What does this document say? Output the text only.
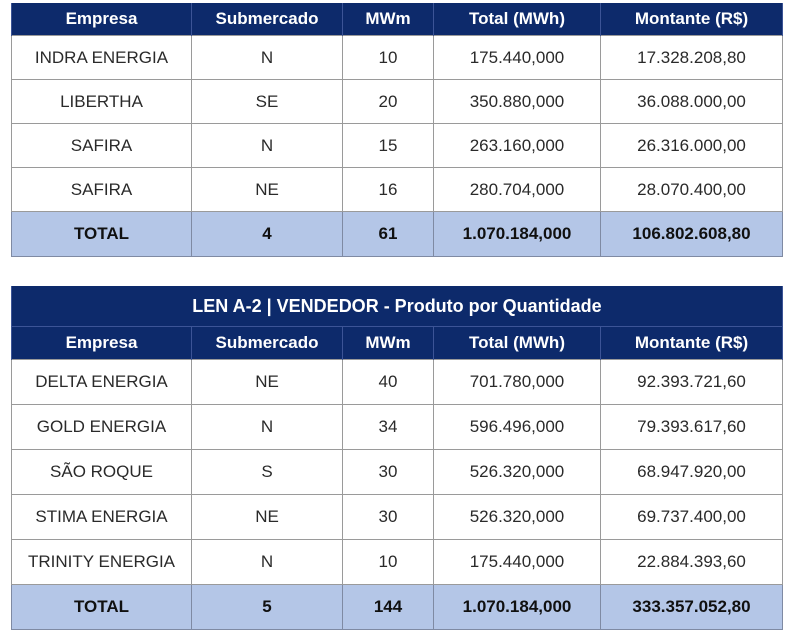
Empresa	Submercado	MWm	Total (MWh)	Montante (R$)
INDRA ENERGIA	N	10	175.440,000	17.328.208,80
LIBERTHA	SE	20	350.880,000	36.088.000,00
SAFIRA	N	15	263.160,000	26.316.000,00
SAFIRA	NE	16	280.704,000	28.070.400,00
TOTAL	4	61	1.070.184,000	106.802.608,80
LEN A-2 | VENDEDOR - Produto por Quantidade				
Empresa	Submercado	MWm	Total (MWh)	Montante (R$)
DELTA ENERGIA	NE	40	701.780,000	92.393.721,60
GOLD ENERGIA	N	34	596.496,000	79.393.617,60
SÃO ROQUE	S	30	526.320,000	68.947.920,00
STIMA ENERGIA	NE	30	526.320,000	69.737.400,00
TRINITY ENERGIA	N	10	175.440,000	22.884.393,60
TOTAL	5	144	1.070.184,000	333.357.052,80
